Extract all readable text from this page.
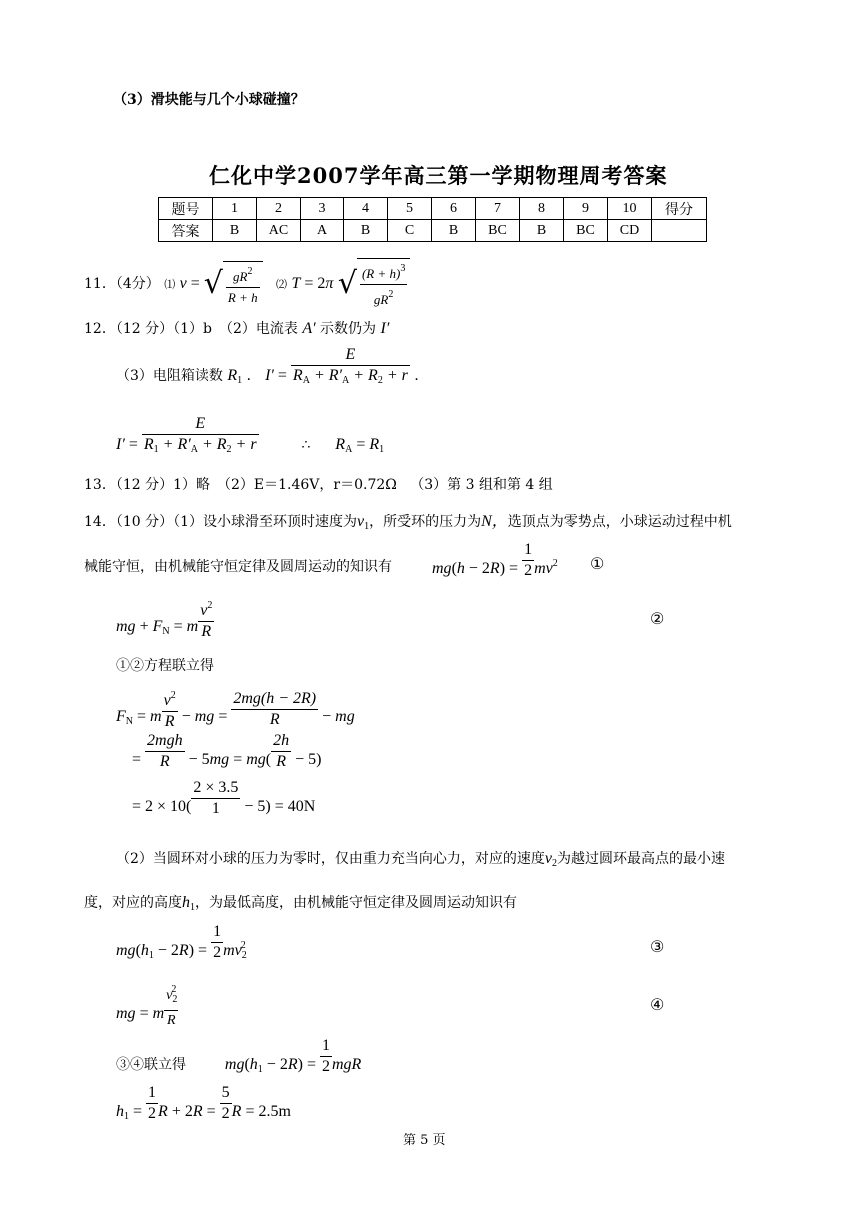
（3）滑块能与几个小球碰撞？
仁化中学2007学年高三第一学期物理周考答案
题号	1	2	3	4	5	6	7	8	9	10	得分
答案	B	AC	A	B	C	B	BC	B	BC	CD	
11．（4分） ⑴ v = √ $\frac{gR^2}{R + h}$ ⑵ T = 2π √ $\frac{(R + h)^3}{gR^2}$
12．（12 分）（1）b　（2）电流表 A′ 示数仍为 I′
（3）电阻箱读数 $R_1$ ． $I' = \frac{E}{R_A + R'_A + R_2 + r}$ ．
$I' = \frac{E}{R_1 + R'_A + R_2 + r}$	∴ $R_A = R_1$
13．（12 分）1）略　（2）E＝1.46V，r＝0.72Ω （3）第 3 组和第 4 组
14．（10 分）（1）设小球滑至环顶时速度为$v_1$，所受环的压力为N，选顶点为零势点，小球运动过程中机
械能守恒，由机械能守恒定律及圆周运动的知识有	$mg(h - 2R) = \frac{1}{2} mv^2$ ①
mg + $F_N = m \frac{v^2}{R}$	②
①②方程联立得
$F_N = m \frac{v^2}{R}$ − mg = $\frac{2mg(h - 2R)}{R}$ − mg
= $\frac{\text{2mgh}}{R} - 5mg = mg( \frac{2h}{R} - 5)$
= $2 \times 10( \frac{2 \times 3.5}{1} - 5) = 40N$
（2）当圆环对小球的压力为零时，仅由重力充当向心力，对应的速度$v_2$为越过圆环最高点的最小速
度，对应的高度$h_1$，为最低高度，由机械能守恒定律及圆周运动知识有
$mg(h_1 - 2R) = \frac{1}{2} mv_2^2$	③
mg = m $\frac{v_2^2}{R}$	④
③④联立得 $mg(h_1 - 2R) = \frac{1}{2}$ mgR
$h_1 = \frac{1}{2}$ $R + 2R = \frac{5}{2}$ R = 2.5m
第 5 页
